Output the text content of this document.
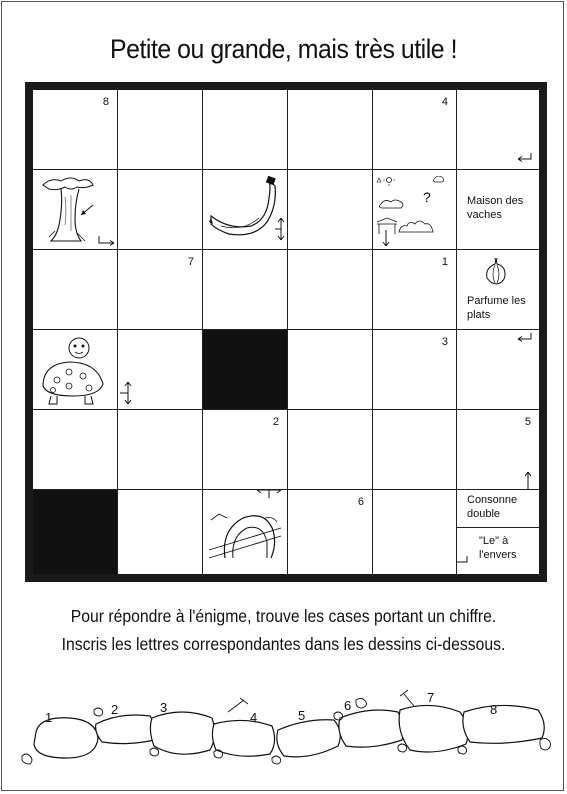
Petite ou grande, mais très utile !
8	4
?	Maison des vaches
7	1
Parfume les plats
3
2	5
6	Consonne double
"Le" à l'envers
Pour répondre à l'énigme, trouve les cases portant un chiffre.
Inscris les lettres correspondantes dans les dessins ci-dessous.
1
2	3
4	5
6
7
8
